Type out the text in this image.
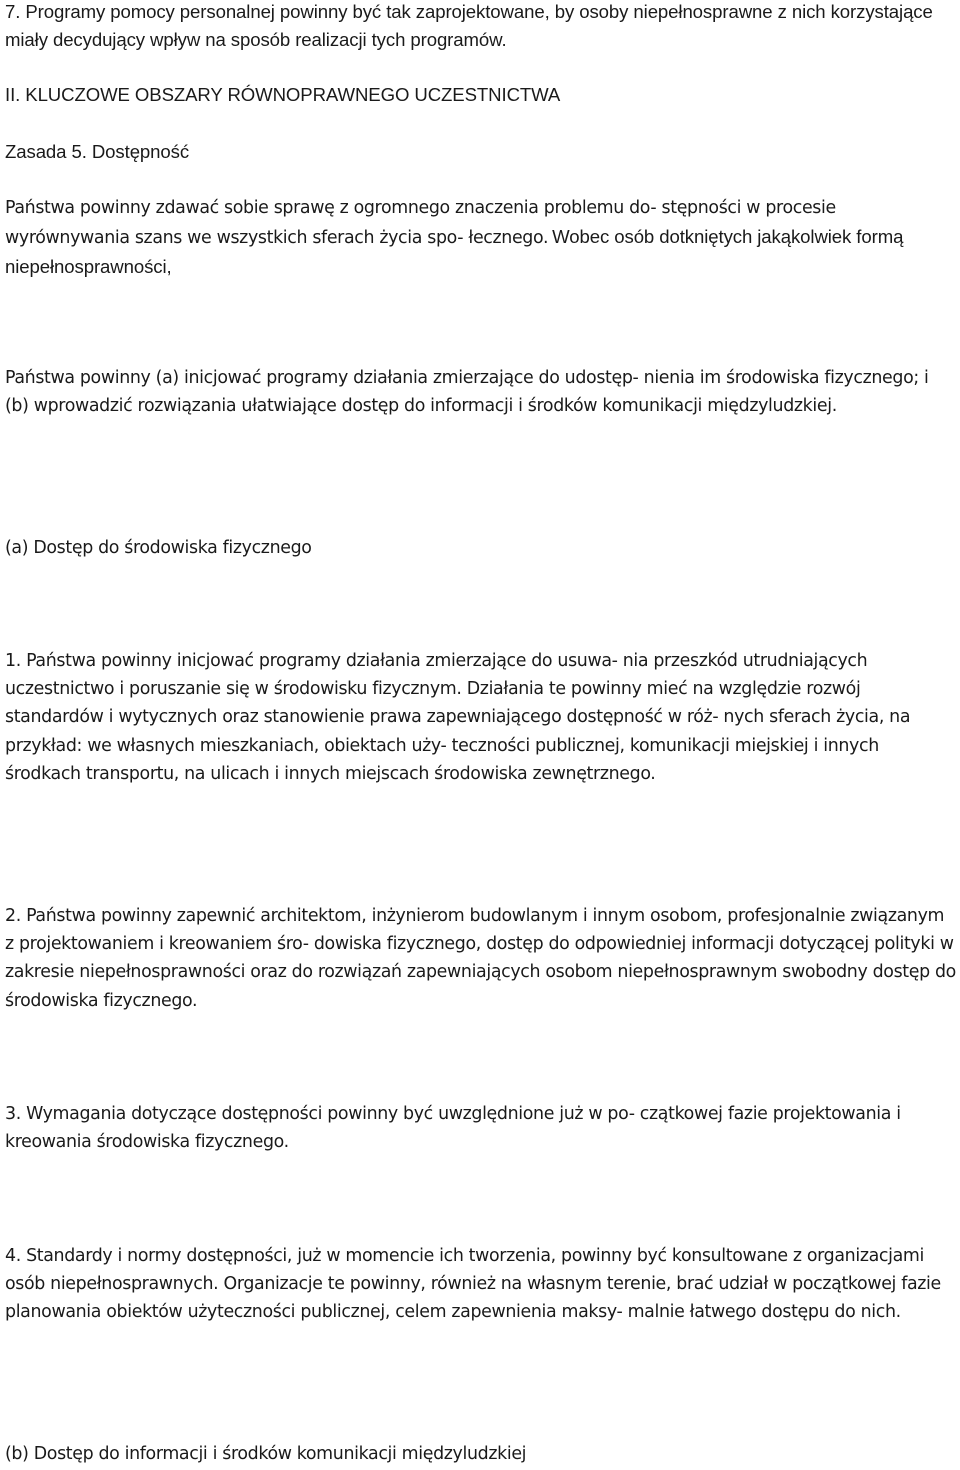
7. Programy pomocy personalnej powinny być tak zaprojektowane, by osoby niepełnosprawne z nich korzystające miały decydujący wpływ na sposób realizacji tych programów.

II. KLUCZOWE OBSZARY RÓWNOPRAWNEGO UCZESTNICTWA

Zasada 5. Dostępność

Państwa powinny zdawać sobie sprawę z ogromnego znaczenia problemu do- stępności w procesie wyrównywania szans we wszystkich sferach życia spo- łecznego. Wobec osób dotkniętych jakąkolwiek formą niepełnosprawności,

Państwa powinny (a) inicjować programy działania zmierzające do udostęp- nienia im środowiska fizycznego; i (b) wprowadzić rozwiązania ułatwiające dostęp do informacji i środków komunikacji międzyludzkiej.

(a) Dostęp do środowiska fizycznego

1. Państwa powinny inicjować programy działania zmierzające do usuwa- nia przeszkód utrudniających uczestnictwo i poruszanie się w środowisku fizycznym. Działania te powinny mieć na względzie rozwój standardów i wytycznych oraz stanowienie prawa zapewniającego dostępność w róż- nych sferach życia, na przykład: we własnych mieszkaniach, obiektach uży- teczności publicznej, komunikacji miejskiej i innych środkach transportu, na ulicach i innych miejscach środowiska zewnętrznego.

2. Państwa powinny zapewnić architektom, inżynierom budowlanym i innym osobom, profesjonalnie związanym z projektowaniem i kreowaniem śro- dowiska fizycznego, dostęp do odpowiedniej informacji dotyczącej polityki w zakresie niepełnosprawności oraz do rozwiązań zapewniających osobom niepełnosprawnym swobodny dostęp do środowiska fizycznego.

3. Wymagania dotyczące dostępności powinny być uwzględnione już w po- czątkowej fazie projektowania i kreowania środowiska fizycznego.

4. Standardy i normy dostępności, już w momencie ich tworzenia, powinny być konsultowane z organizacjami osób niepełnosprawnych. Organizacje te powinny, również na własnym terenie, brać udział w początkowej fazie planowania obiektów użyteczności publicznej, celem zapewnienia maksy- malnie łatwego dostępu do nich.

(b) Dostęp do informacji i środków komunikacji międzyludzkiej
